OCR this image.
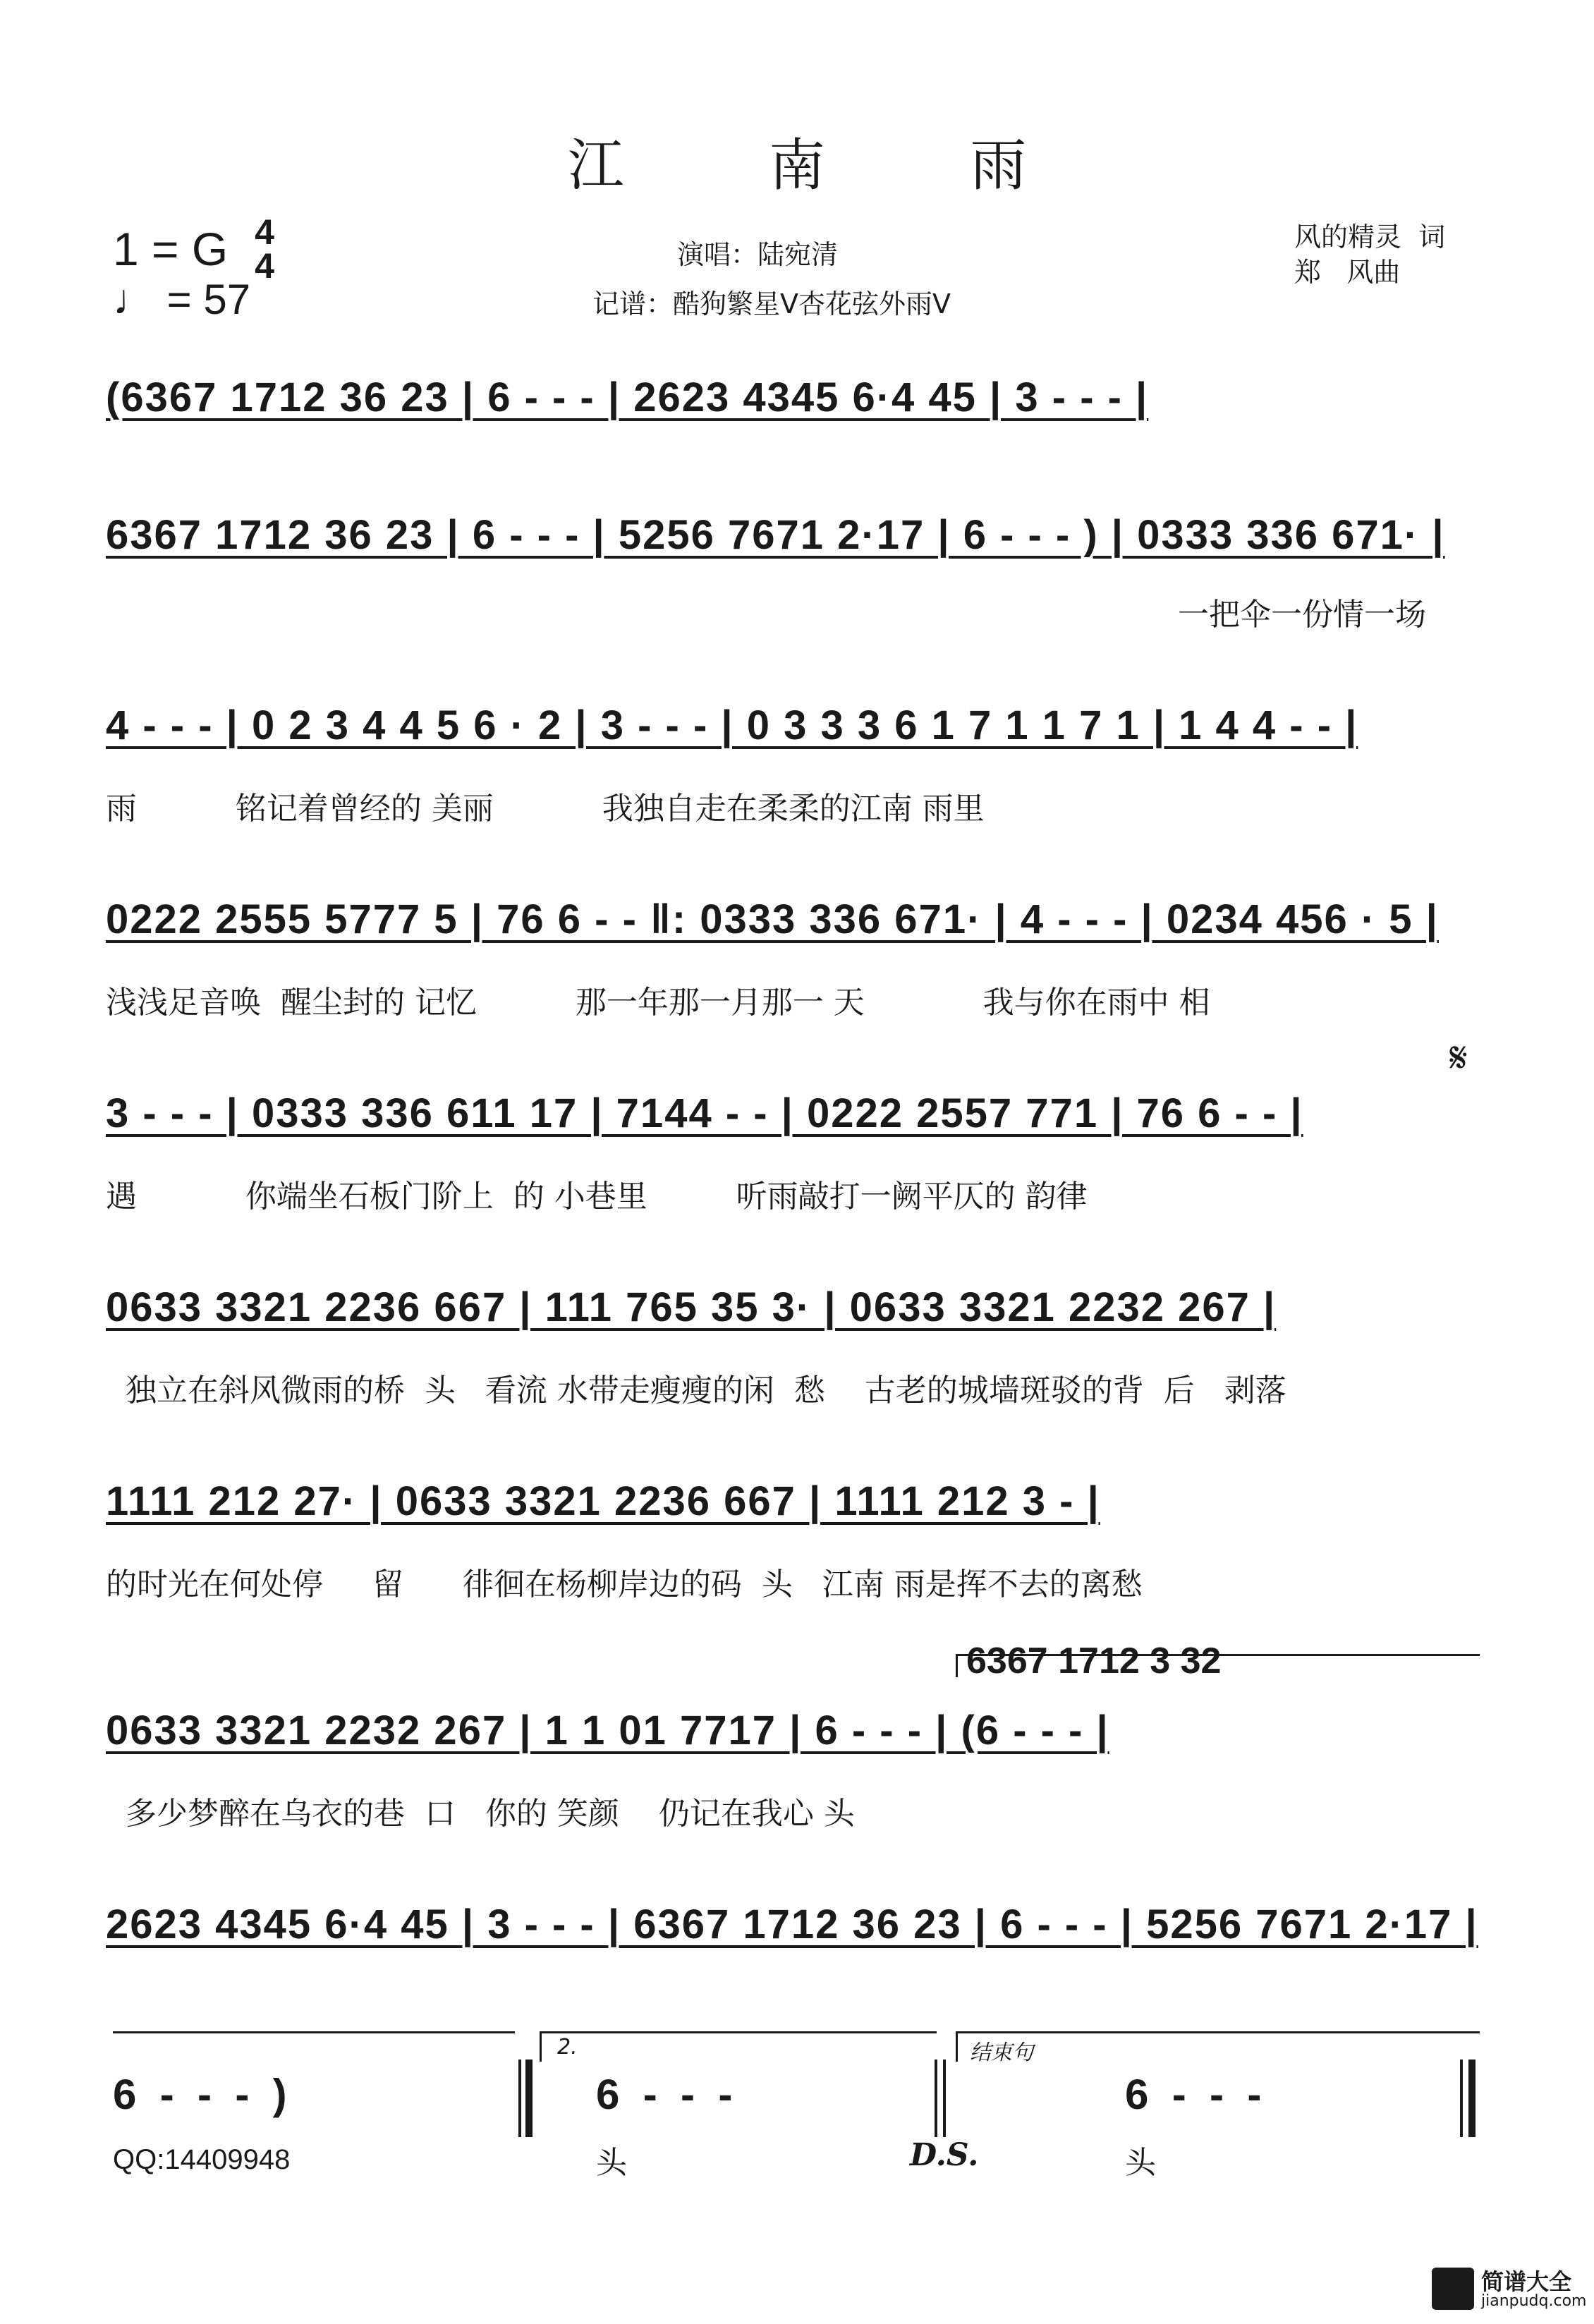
江 南 雨
1 = G 4
4
♩ = 57
演唱：陆宛清
记谱：酷狗繁星V杏花弦外雨V
风的精灵  词
郑   风曲
(6367 1712 36 23 | 6 - - - | 2623 4345 6·4 45 | 3 - - - |
6367 1712 36 23 | 6 - - - | 5256 7671 2·17 | 6 - - - ) | 0333 336 671· |
一把伞一份情一场
4 - - - | 0 2 3 4 4 5 6 · 2 | 3 - - - | 0 3 3 3 6 1 7 1 1 7 1 | 1 4 4 - - |
雨          铭记着曾经的 美丽           我独自走在柔柔的江南 雨里
0222 2555 5777 5 | 76 6 - - ‖: 0333 336 671· | 4 - - - | 0234 456 · 5 |
浅浅足音唤  醒尘封的 记忆          那一年那一月那一 天            我与你在雨中 相
𝄋
3 - - - | 0333 336 611 17 | 7144 - - | 0222 2557 771 | 76 6 - - |
遇           你端坐石板门阶上  的 小巷里         听雨敲打一阙平仄的 韵律
0633 3321 2236 667 | 111 765 35 3· | 0633 3321 2232 267 |
独立在斜风微雨的桥  头   看流 水带走瘦瘦的闲  愁    古老的城墙斑驳的背  后   剥落
1111 212 27· | 0633 3321 2236 667 | 1111 212 3 - |
的时光在何处停     留      徘徊在杨柳岸边的码  头   江南 雨是挥不去的离愁
6367 1712 3 32
0633 3321 2232 267 | 1 1 01 7717 | 6 - - - | (6 - - - |
多少梦醉在乌衣的巷  口   你的 笑颜    仍记在我心 头
2623 4345 6·4 45 | 3 - - - | 6367 1712 36 23 | 6 - - - | 5256 7671 2·17 |
6  -  -  -  )
2.
6  -  -  -
头	D.S.
结束句
6  -  -  -
头
QQ:14409948
简谱大全
jianpudq.com
